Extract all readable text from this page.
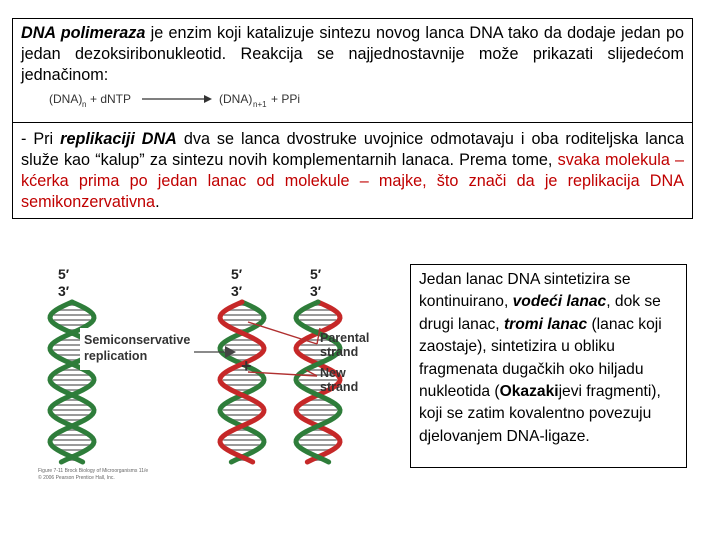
DNA polimeraza je enzim koji katalizuje sintezu novog lanca DNA tako da dodaje jedan po jedan dezoksiribonukleotid. Reakcija se najjednostavnije može prikazati slijedećom jednačinom:

(DNA) n + dNTP	(DNA) n+1 + PPi

- Pri replikaciji DNA dva se lanca dvostruke uvojnice odmotavaju i oba roditeljska lanca služe kao “kalup” za sintezu novih komplementarnih lanaca. Prema tome, svaka molekula – kćerka prima po jedan lanac od molekule – majke, što znači da je replikacija DNA semikonzervativna.

5′
3′
5′
3′
5′
3′
Semiconservative
replication
Parental
strand
New
strand
+
Figure 7-11 Brock Biology of Microorganisms 11/e
© 2006 Pearson Prentice Hall, Inc.

Jedan lanac DNA sintetizira se kontinuirano, vodeći lanac, dok se drugi lanac, tromi lanac (lanac koji zaostaje), sintetizira u obliku fragmenata dugačkih oko hiljadu nukleotida (Okazakijevi fragmenti), koji se zatim kovalentno povezuju djelovanjem DNA-ligaze.
